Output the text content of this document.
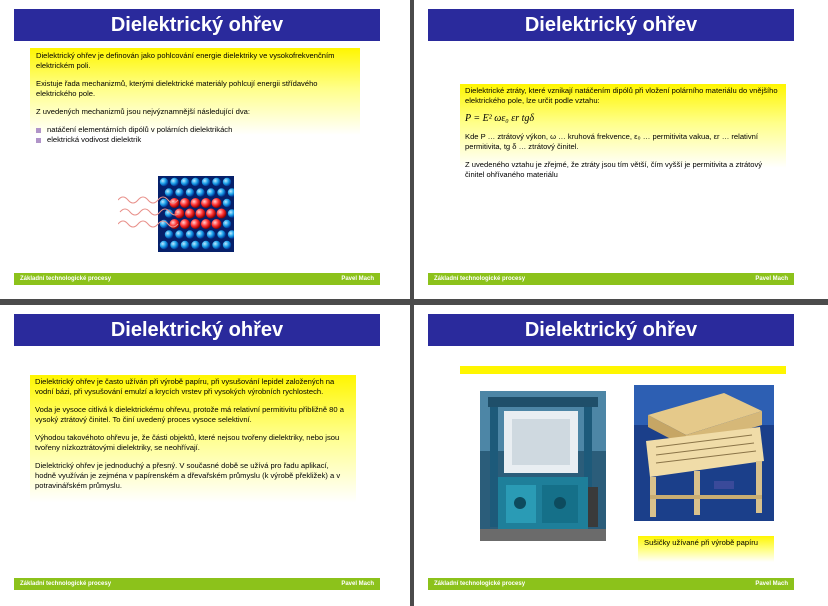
Dielektrický ohřev

Dielektrický ohřev je definován jako pohlcování energie dielektriky ve vysokofrekvenčním elektrickém poli.

Existuje řada mechanizmů, kterými dielektrické materiály pohlcují energii střídavého elektrického pole.

Z uvedených mechanizmů jsou nejvýznamnější následující dva:

natáčení elementárních dipólů v polárních dielektrikách
elektrická vodivost dielektrik
Základní technologické procesy	Pavel Mach
Dielektrický ohřev

Dielektrické ztráty, které vznikají natáčením dipólů při vložení polárního materiálu do vnějšího elektrického pole, lze určit podle vztahu:

P = E² ωε₀ εr tgδ

Kde P … ztrátový výkon, ω … kruhová frekvence, ε₀ … permitivita vakua, εr … relativní permitivita, tg δ … ztrátový činitel.

Z uvedeného vztahu je zřejmé, že ztráty jsou tím větší, čím vyšší je permitivita a ztrátový činitel ohřívaného materiálu

Základní technologické procesy	Pavel Mach
Dielektrický ohřev

Dielektrický ohřev je často užíván při výrobě papíru, při vysušování lepidel založených na vodní bázi, při vysušování emulzí a krycích vrstev při vysokých výrobních rychlostech.

Voda je vysoce citlivá k dielektrickému ohřevu, protože má relativní permitivitu přibližně 80 a vysoký ztrátový činitel. To činí uvedený proces vysoce selektivní.

Výhodou takovéhoto ohřevu je, že části objektů, které nejsou tvořeny dielektriky, nebo jsou tvořeny nízkoztrátovými dielektriky, se neohřívají.

Dielektrický ohřev je jednoduchý a přesný. V současné době se užívá pro řadu aplikací, hodně využíván je zejména v papírenském a dřevařském průmyslu (k výrobě překližek) a v potravinářském průmyslu.

Základní technologické procesy	Pavel Mach
Dielektrický ohřev
Sušičky užívané při výrobě papíru
Základní technologické procesy	Pavel Mach
